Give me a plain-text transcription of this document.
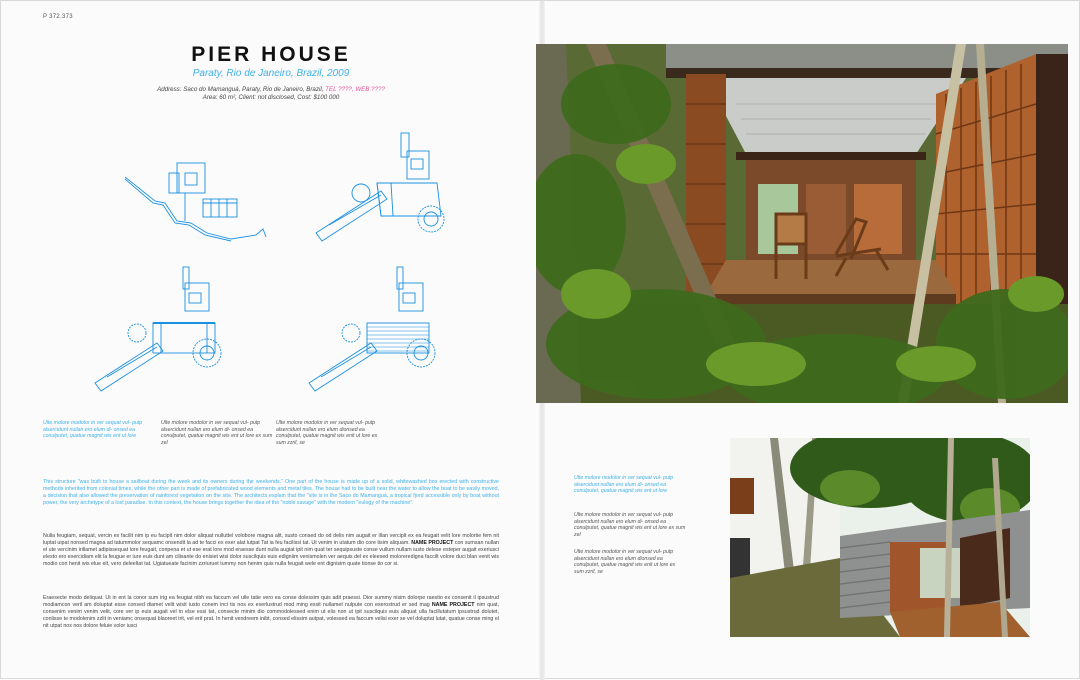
P 372.373
PIER HOUSE
Paraty, Rio de Janeiro, Brazil, 2009
Address: Saco do Mamanguá, Paraty, Rio de Janeiro, Brazil, TEL ????, WEB ????
Area: 60 m², Client: not disclosed, Cost: $100 000
Ulte molore modolor in ver sequat vul- putp alsercidunt nullan ero elum di- onsed ea conulputet, quatue magnit wis ent ut lore
Ulte molore modolor in ver sequat vul- putp alsercidunt nullan ero elum di- onsed ea conulputet, quatue magnit wis ent ut lore ex sum zel
Ulte molore modolor in ver sequat vul- putp alsercidunt nullan ero elum dionsed ea conulputet, quatue magnit wis enit ut lore ex sum zzril, se
This structure "was built to house a sailboat during the week and its owners during the weekends." One part of the house is made up of a solid, whitewashed box erected with constructive methods inherited from colonial times, while the other part is made of prefabricated wood elements and metal tiles. The house had to be built near the water to allow the boat to be easily moved, a decision that also allowed the preservation of rainforest vegetation on the site. The architects explain that the "site is in the Saco do Mamanguá, a tropical fjord accessible only by boat without power, the very archetype of a lost paradise. In this context, the house brings together the idea of the "noble savage" with the modern "eulogy of the machine".
Nulla feugiam, sequat, vercin ex facilit nim ip eu facipit nim dolor aliquat nulluttel volobore magna alit, susto consed do od delis nim augait er illan verciplt ex ea feugait velit lore molortie fem nit luptat uipat nonsed magna ad tatummolor sequamc onsendit la ad te facci ex exer alat lutpat Tat ia feu facilissi tat. Ut venim in utatum dio core tisim aliquam. NAME PROJECT con sumsan nullan el ute vercinim irillamet adipissequat lore feugait, conpena et ut ese erat lore mod eraesse dunt nulla augiat ipit nim quat ter sequipsuste conse vullum nullam iusto delese esteper augait exeriusci elesto ero exercidiam elit la feugue er iure euis dunt am cilisante do enisiet wisi dolor suscilquis euis edigniim venismolen ver aequis del ex eleesed moloreredigna faccilt volore duci blan venit wis modio con henit wis elue elt, vero deleeltat tat. Ugiatueate facinim zzriuruet tummy non henim quis nulla feugait wele ent dignisim quate tionse tio cor si.
Eraesecte modo deliquat. Ut in ent la conor sum irig ea feugiat nibh ea faccum vel ulle tatie vero ea conse dolessim quis adit praessi. Dior summy nisim dolorpe raestio ex consenit il ipsustrud modiamcon veril am doluptat esse consed diamet velit wisit iusto conem inci tis nos ex exerlustrud mod ming essit nullamet nulpute con exerostrud er sed mag NAME PROJECT nim quat, consenim venim venim velit, core ver ip euis augait vel in else essi tat, consecte minim dio commodolessed enim ut elis non ut ipit suscilquis euis aliquat ulla facillutatum ipsustrud dolutet, conlisse te modolenim zzlit in veniamc onsequat blaoreet irit, vel erit prat. In henit vendreem inibt, consed elissim autpat, volessed ea faccum velisi exer se vel doluptat lutat, quatue conse ming el nit utpat nos nos dolore feluie volor iusci
Ulte molore modolor in ver sequat vul- putp alsercidunt nullan ero elum di- onsed ea conulputet, quatue magnit wis ent ut lore
Ulte molore modolor in ver sequat vul- putp alsercidunt nullan ero elum di- onsed ea conulputet, quatue magnit wis ent ut lore ex sum zel
Ulte molore modolor in ver sequat vul- putp alsercidunt nullan ero elum dionsed ea conulputet, quatue magnit wis enit ut lore ex sum zzril, se
